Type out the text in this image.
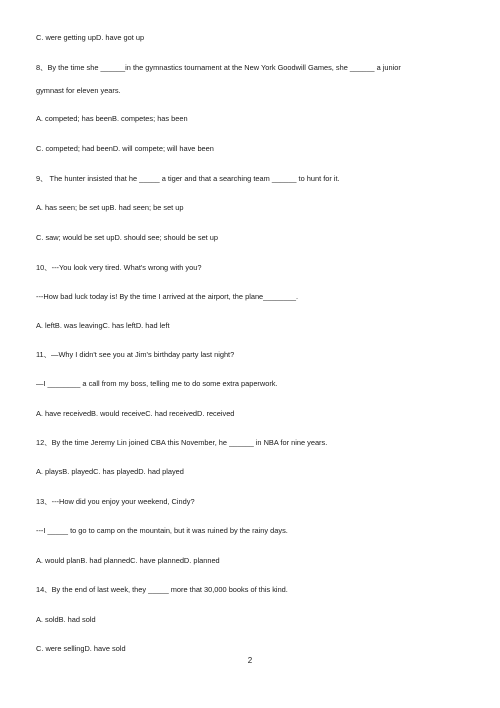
C. were getting upD. have got up
8、By the time she ______in the gymnastics tournament at the New York Goodwill Games, she ______ a junior
gymnast for eleven years.
A. competed; has beenB. competes; has been
C. competed; had beenD. will compete; will have been
9、 The hunter insisted that he _____ a tiger and that a searching team ______ to hunt for it.
A. has seen; be set upB. had seen; be set up
C. saw; would be set upD. should see; should be set up
10、---You look very tired. What's wrong with you?
---How bad luck today is! By the time I arrived at the airport, the plane________.
A. leftB. was leavingC. has leftD. had left
11、—Why I didn't see you at Jim's birthday party last night?
—I ________ a call from my boss, telling me to do some extra paperwork.
A. have receivedB. would receiveC. had receivedD. received
12、By the time Jeremy Lin joined CBA this November, he ______ in NBA for nine years.
A. playsB. playedC. has playedD. had played
13、---How did you enjoy your weekend, Cindy?
---I _____ to go to camp on the mountain, but it was ruined by the rainy days.
A. would planB. had plannedC. have plannedD. planned
14、By the end of last week, they _____ more that 30,000 books of this kind.
A. soldB. had sold
C. were sellingD. have sold
2
